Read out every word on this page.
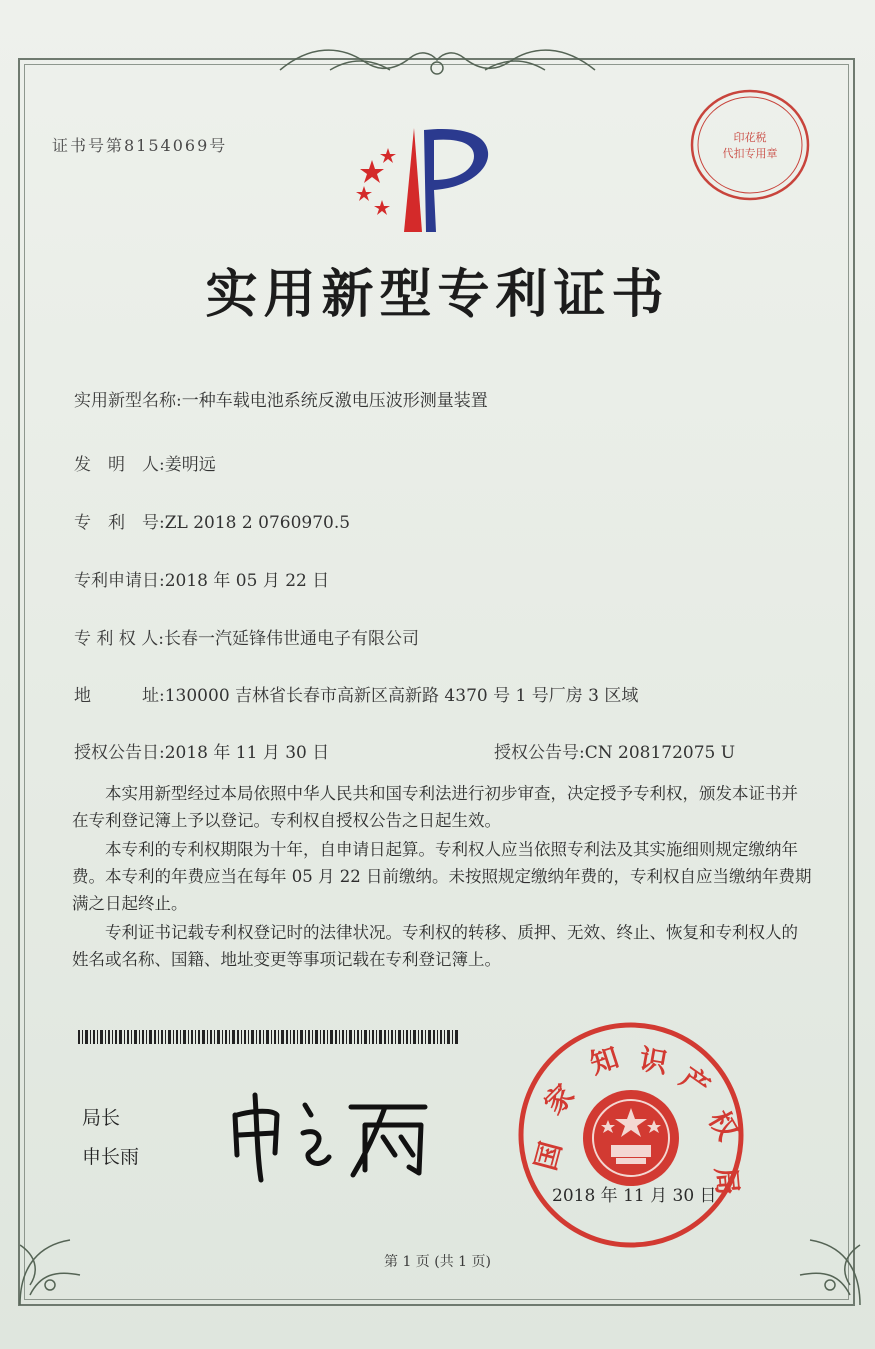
证书号第8154069号	印花税
代扣专用章
实用新型专利证书
实用新型名称:一种车载电池系统反激电压波形测量装置
发　明　人:姜明远
专　利　号:ZL 2018 2 0760970.5
专利申请日:2018 年 05 月 22 日
专 利 权 人:长春一汽延锋伟世通电子有限公司
地　　　址:130000 吉林省长春市高新区高新路 4370 号 1 号厂房 3 区域
授权公告日:2018 年 11 月 30 日	授权公告号:CN 208172075 U

本实用新型经过本局依照中华人民共和国专利法进行初步审查，决定授予专利权，颁发本证书并在专利登记簿上予以登记。专利权自授权公告之日起生效。

本专利的专利权期限为十年，自申请日起算。专利权人应当依照专利法及其实施细则规定缴纳年费。本专利的年费应当在每年 05 月 22 日前缴纳。未按照规定缴纳年费的，专利权自应当缴纳年费期满之日起终止。

专利证书记载专利权登记时的法律状况。专利权的转移、质押、无效、终止、恢复和专利权人的姓名或名称、国籍、地址变更等事项记载在专利登记簿上。

局长
申长雨	国
家
知 识 产
权
局
2018 年 11 月 30 日
第 1 页 (共 1 页)
